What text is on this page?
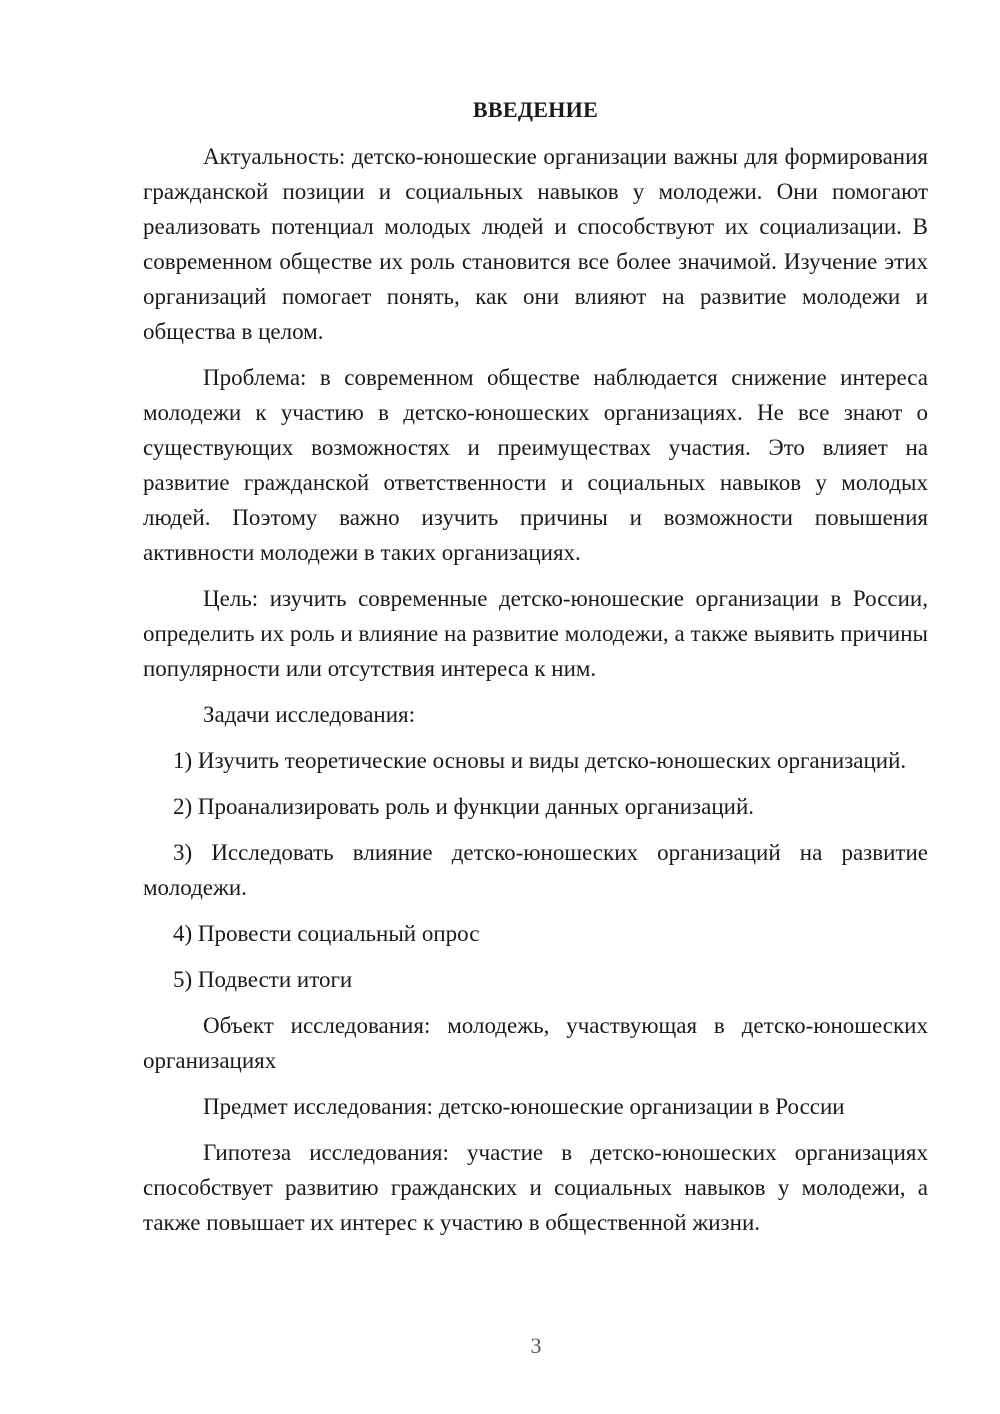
ВВЕДЕНИЕ

Актуальность: детско-юношеские организации важны для формирования гражданской позиции и социальных навыков у молодежи. Они помогают реализовать потенциал молодых людей и способствуют их социализации. В современном обществе их роль становится все более значимой. Изучение этих организаций помогает понять, как они влияют на развитие молодежи и общества в целом.

Проблема: в современном обществе наблюдается снижение интереса молодежи к участию в детско-юношеских организациях. Не все знают о существующих возможностях и преимуществах участия. Это влияет на развитие гражданской ответственности и социальных навыков у молодых людей. Поэтому важно изучить причины и возможности повышения активности молодежи в таких организациях.

Цель: изучить современные детско-юношеские организации в России, определить их роль и влияние на развитие молодежи, а также выявить причины популярности или отсутствия интереса к ним.

Задачи исследования:

1) Изучить теоретические основы и виды детско-юношеских организаций.

2) Проанализировать роль и функции данных организаций.

3) Исследовать влияние детско-юношеских организаций на развитие молодежи.

4) Провести социальный опрос

5) Подвести итоги

Объект исследования: молодежь, участвующая в детско-юношеских организациях

Предмет исследования: детско-юношеские организации в России

Гипотеза исследования: участие в детско-юношеских организациях способствует развитию гражданских и социальных навыков у молодежи, а также повышает их интерес к участию в общественной жизни.

3
